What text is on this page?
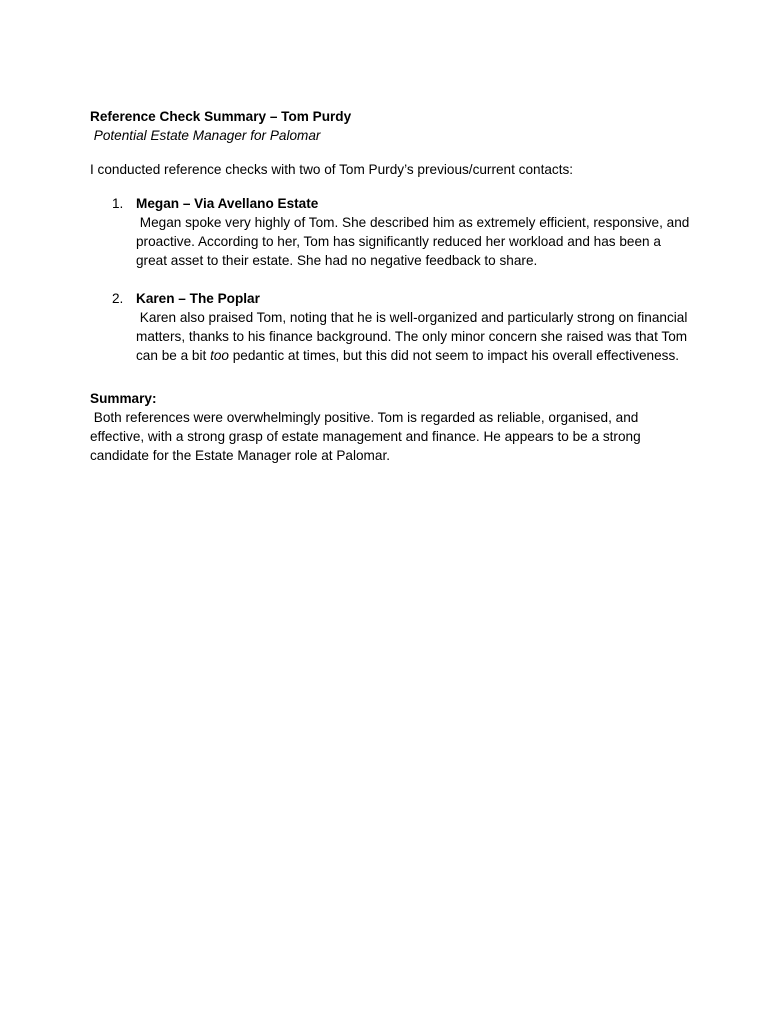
Reference Check Summary – Tom Purdy

Potential Estate Manager for Palomar

I conducted reference checks with two of Tom Purdy’s previous/current contacts:

1. Megan – Via Avellano Estate
Megan spoke very highly of Tom. She described him as extremely efficient, responsive, and proactive. According to her, Tom has significantly reduced her workload and has been a great asset to their estate. She had no negative feedback to share.
2. Karen – The Poplar
Karen also praised Tom, noting that he is well-organized and particularly strong on financial matters, thanks to his finance background. The only minor concern she raised was that Tom can be a bit too pedantic at times, but this did not seem to impact his overall effectiveness.

Summary:

Both references were overwhelmingly positive. Tom is regarded as reliable, organised, and effective, with a strong grasp of estate management and finance. He appears to be a strong candidate for the Estate Manager role at Palomar.
